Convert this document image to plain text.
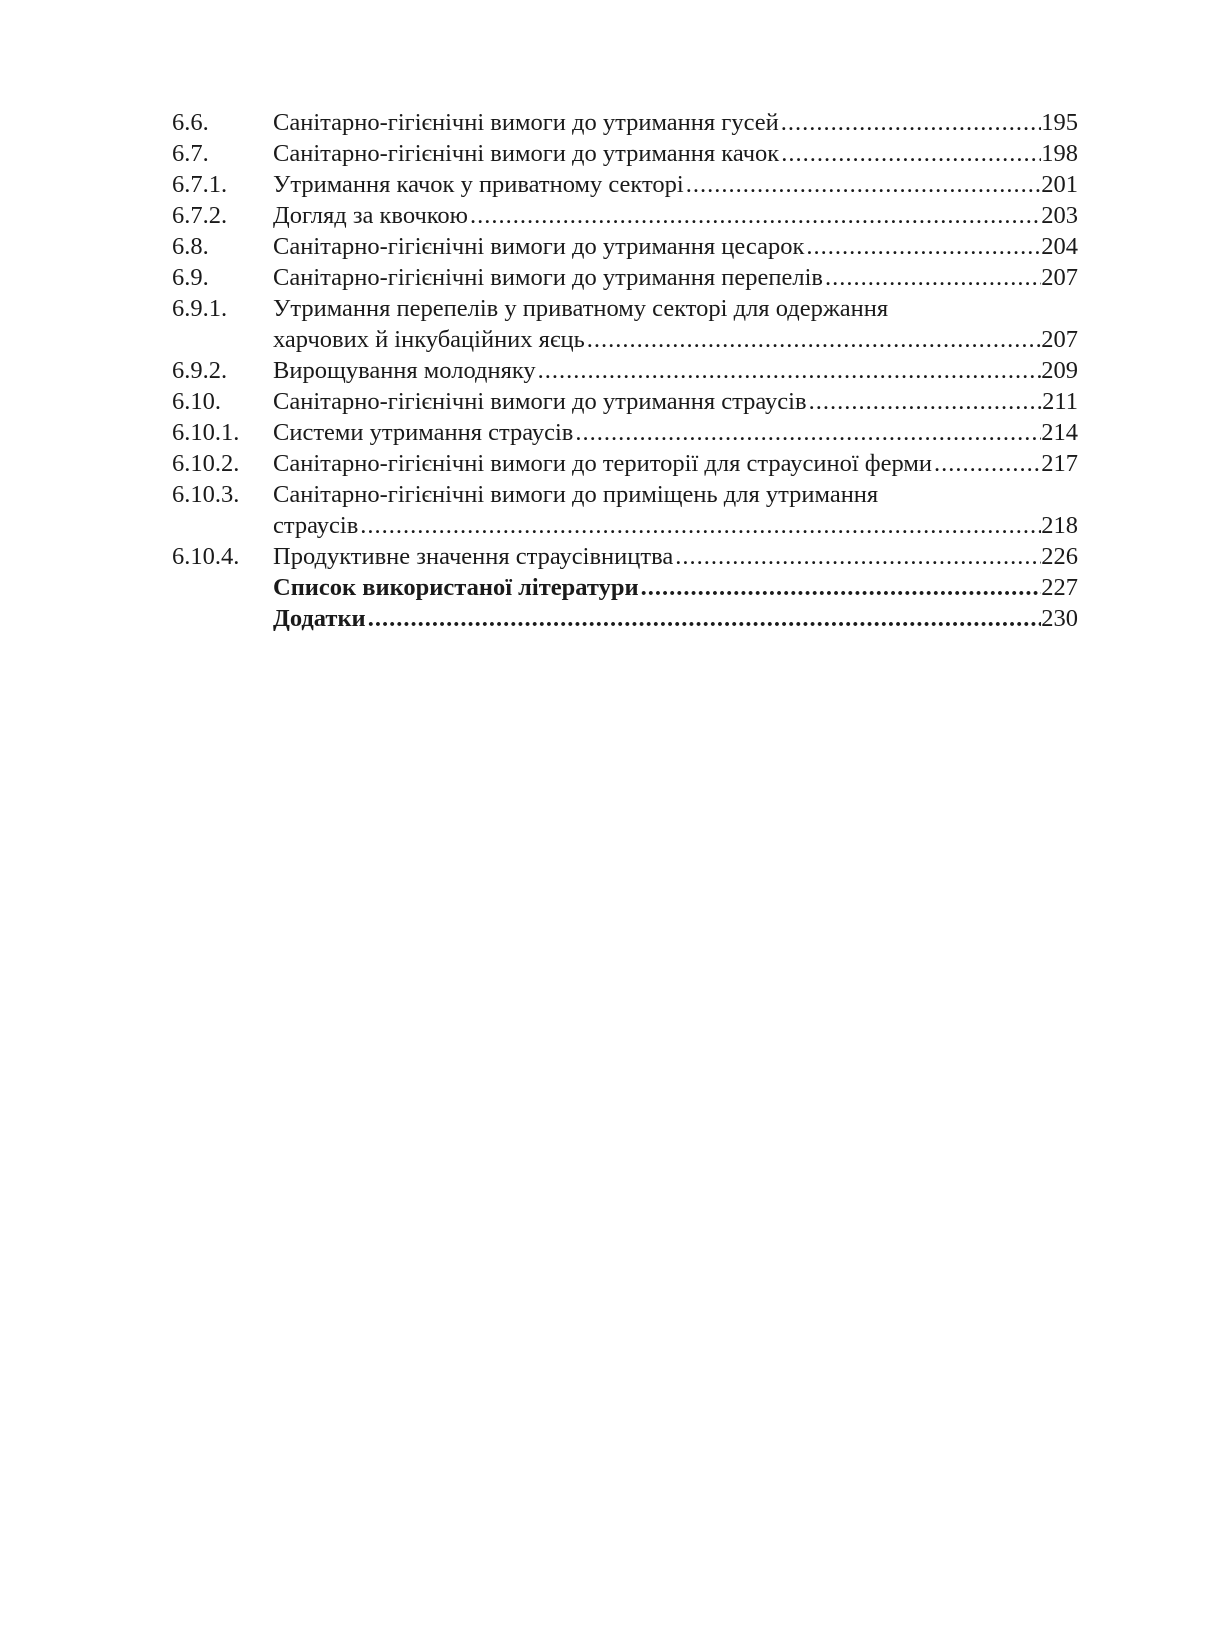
6.6.	Санітарно-гігієнічні вимоги до утримання гусей .....	195
6.7.	Санітарно-гігієнічні вимоги до утримання качок .....	198
6.7.1.	Утримання качок у приватному секторі .....	201
6.7.2.	Догляд за квочкою .....	203
6.8.	Санітарно-гігієнічні вимоги до утримання цесарок .....	204
6.9.	Санітарно-гігієнічні вимоги до утримання перепелів .....	207
6.9.1.	Утримання перепелів у приватному секторі для одержання
харчових й інкубаційних яєць .....	207
6.9.2.	Вирощування молодняку .....	209
6.10.	Санітарно-гігієнічні вимоги до утримання страусів .....	211
6.10.1.	Системи утримання страусів .....	214
6.10.2.	Санітарно-гігієнічні вимоги до території для страусиної ферми .....	217
6.10.3.	Санітарно-гігієнічні вимоги до приміщень для утримання
страусів .....	218
6.10.4.	Продуктивне значення страусівництва .....	226
Список використаної літератури .....	227
Додатки .....	230
